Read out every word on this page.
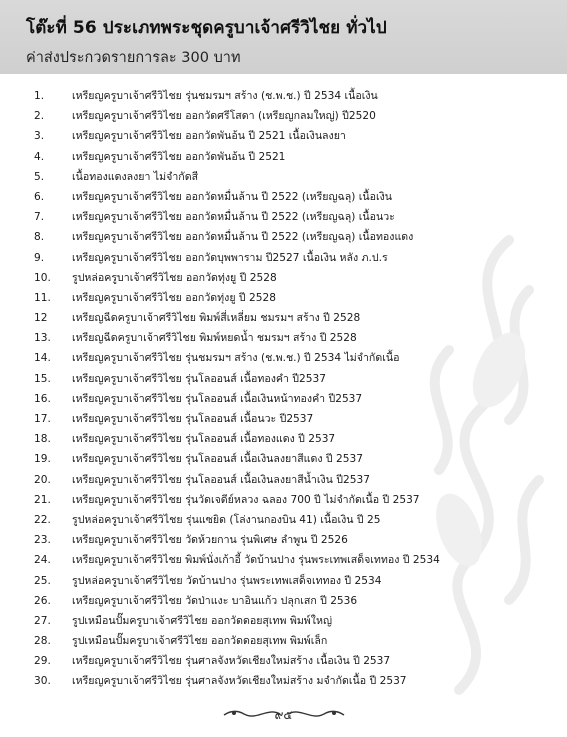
โต๊ะที่ 56 ประเภทพระชุดครูบาเจ้าศรีวิไชย ทั่วไป
ค่าส่งประกวดรายการละ 300 บาท
1.	เหรียญครูบาเจ้าศรีวิไชย รุ่นชมรมฯ สร้าง (ช.พ.ช.) ปี 2534 เนื้อเงิน
2.	เหรียญครูบาเจ้าศรีวิไชย ออกวัดศรีโสดา (เหรียญกลมใหญ่) ปี2520
3.	เหรียญครูบาเจ้าศรีวิไชย ออกวัดพันอ้น ปี 2521 เนื้อเงินลงยา
4.	เหรียญครูบาเจ้าศรีวิไชย ออกวัดพันอ้น ปี 2521
5.	เนื้อทองแดงลงยา ไม่จำกัดสี
6.	เหรียญครูบาเจ้าศรีวิไชย ออกวัดหมื่นล้าน ปี 2522 (เหรียญฉลุ) เนื้อเงิน
7.	เหรียญครูบาเจ้าศรีวิไชย ออกวัดหมื่นล้าน ปี 2522 (เหรียญฉลุ) เนื้อนวะ
8.	เหรียญครูบาเจ้าศรีวิไชย ออกวัดหมื่นล้าน ปี 2522 (เหรียญฉลุ) เนื้อทองแดง
9.	เหรียญครูบาเจ้าศรีวิไชย ออกวัดบุพพาราม ปี2527 เนื้อเงิน หลัง ภ.ป.ร
10.	รูปหล่อครูบาเจ้าศรีวิไชย ออกวัดทุ่งยู ปี 2528
11.	เหรียญครูบาเจ้าศรีวิไชย ออกวัดทุ่งยู ปี 2528
12	เหรียญฉีดครูบาเจ้าศรีวิไชย พิมพ์สี่เหลี่ยม ชมรมฯ สร้าง ปี 2528
13.	เหรียญฉีดครูบาเจ้าศรีวิไชย พิมพ์หยดน้ำ ชมรมฯ สร้าง ปี 2528
14.	เหรียญครูบาเจ้าศรีวิไชย รุ่นชมรมฯ สร้าง (ช.พ.ช.) ปี 2534 ไม่จำกัดเนื้อ
15.	เหรียญครูบาเจ้าศรีวิไชย รุ่นโลออนส์ เนื้อทองคำ ปี2537
16.	เหรียญครูบาเจ้าศรีวิไชย รุ่นโลออนส์ เนื้อเงินหน้าทองคำ ปี2537
17.	เหรียญครูบาเจ้าศรีวิไชย รุ่นโลออนส์ เนื้อนวะ ปี2537
18.	เหรียญครูบาเจ้าศรีวิไชย รุ่นโลออนส์ เนื้อทองแดง ปี 2537
19.	เหรียญครูบาเจ้าศรีวิไชย รุ่นโลออนส์ เนื้อเงินลงยาสีแดง ปี 2537
20.	เหรียญครูบาเจ้าศรีวิไชย รุ่นโลออนส์ เนื้อเงินลงยาสีน้ำเงิน ปี2537
21.	เหรียญครูบาเจ้าศรีวิไชย รุ่นวัดเจดีย์หลวง ฉลอง 700 ปี ไม่จำกัดเนื้อ ปี 2537
22.	รูปหล่อครูบาเจ้าศรีวิไชย รุ่นแซยิด (โล่งานกองบิน 41) เนื้อเงิน ปี 25
23.	เหรียญครูบาเจ้าศรีวิไชย วัดห้วยกาน รุ่นพิเศษ ลำพูน ปี 2526
24.	เหรียญครูบาเจ้าศรีวิไชย พิมพ์นั่งเก้าอี้ วัดบ้านปาง รุ่นพระเทพเสด็จเททอง ปี 2534
25.	รูปหล่อครูบาเจ้าศรีวิไชย วัดบ้านปาง รุ่นพระเทพเสด็จเททอง ปี 2534
26.	เหรียญครูบาเจ้าศรีวิไชย วัดป่าแงะ บาอินแก้ว ปลุกเสก ปี 2536
27.	รูปเหมือนปั๊มครูบาเจ้าศรีวิไชย ออกวัดดอยสุเทพ พิมพ์ใหญ่
28.	รูปเหมือนปั๊มครูบาเจ้าศรีวิไชย ออกวัดดอยสุเทพ พิมพ์เล็ก
29.	เหรียญครูบาเจ้าศรีวิไชย รุ่นศาลจังหวัดเชียงใหม่สร้าง เนื้อเงิน ปี 2537
30.	เหรียญครูบาเจ้าศรีวิไชย รุ่นศาลจังหวัดเชียงใหม่สร้าง มจำกัดเนื้อ ปี 2537
๙๕
